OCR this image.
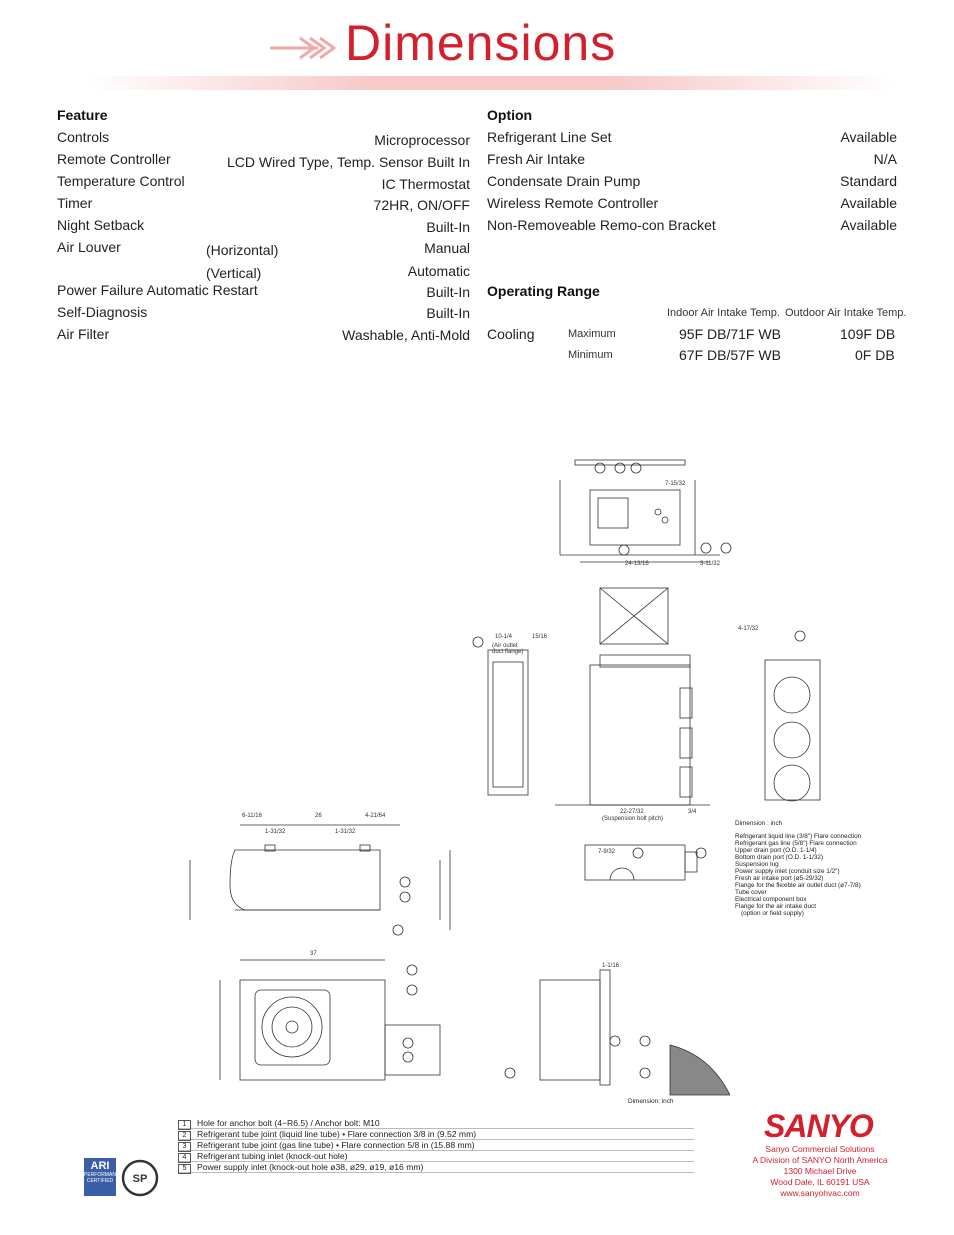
Dimensions
Feature
Controls	Microprocessor
Remote Controller	LCD Wired Type, Temp. Sensor Built In
Temperature Control	IC Thermostat
Timer	72HR, ON/OFF
Night Setback	Built-In
Air Louver	(Horizontal)	Manual
(Vertical)	Automatic
Power Failure Automatic Restart	Built-In
Self-Diagnosis	Built-In
Air Filter	Washable, Anti-Mold
Option
Refrigerant Line Set	Available
Fresh Air Intake	N/A
Condensate Drain Pump	Standard
Wireless Remote Controller	Available
Non-Removeable Remo-con Bracket	Available
Operating Range
Indoor Air Intake Temp. Outdoor Air Intake Temp.
Cooling	Maximum	95F DB/71F WB	109F DB
Minimum	67F DB/57F WB	0F DB
7-15/32
24-13/16	3-11/32
10-1/4	15/16
(Air outlet
duct flange)
22-27/32
(Suspension bolt pitch)
3/4
4-17/32
7-9/32
Dimension : inch
Refrigerant liquid line (3/8") Flare connection
Refrigerant gas line (5/8") Flare connection
Upper drain port (O.D. 1-1/4)
Bottom drain port (O.D. 1-1/32)
Suspension lug
Power supply inlet (conduit size 1/2")
Fresh air intake port (ø5-29/32)
Flange for the flexible air outlet duct (ø7-7/8)
Tube cover
Electrical component box
Flange for the air intake duct
(option or field supply)
6-11/16	26	4-21/64
1-31/32	1-31/32
37
1-1/16
Dimension: inch
1 Hole for anchor bolt (4−R6.5) / Anchor bolt: M10
2 Refrigerant tube joint (liquid line tube) • Flare connection 3/8 in (9.52 mm)
3 Refrigerant tube joint (gas line tube) • Flare connection 5/8 in (15.88 mm)
4 Refrigerant tubing inlet (knock-out hole)
5 Power supply inlet (knock-out hole ø38, ø29, ø19, ø16 mm)
ARI
PERFORMANCE
CERTIFIED SP
SANYO
Sanyo Commercial Solutions
A Division of SANYO North America
1300 Michael Drive
Wood Dale, IL 60191 USA
www.sanyohvac.com
